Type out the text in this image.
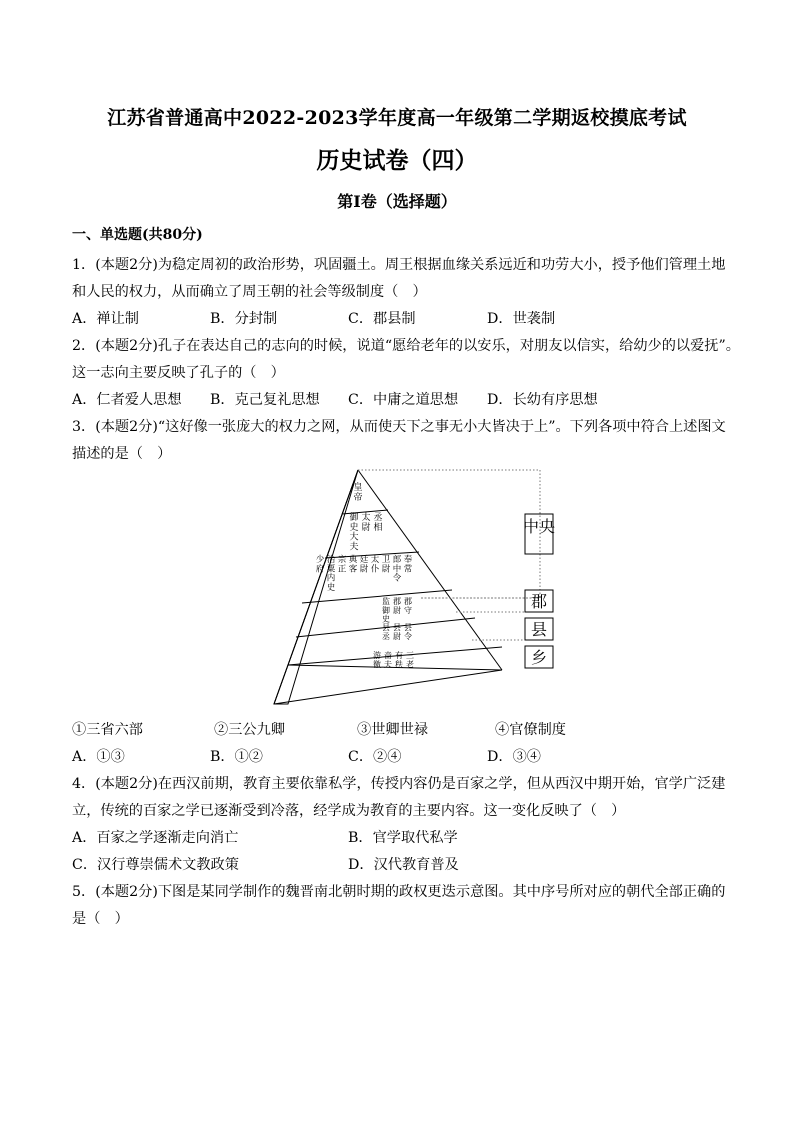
江苏省普通高中2022-2023学年度高一年级第二学期返校摸底考试
历史试卷（四）
第Ⅰ卷（选择题）
一、单选题(共80分)
1．(本题2分)为稳定周初的政治形势，巩固疆土。周王根据血缘关系远近和功劳大小，授予他们管理土地
和人民的权力，从而确立了周王朝的社会等级制度（　）
A．禅让制	B．分封制	C．郡县制	D．世袭制
2．(本题2分)孔子在表达自己的志向的时候，说道“愿给老年的以安乐，对朋友以信实，给幼少的以爱抚”。
这一志向主要反映了孔子的（　）
A．仁者爱人思想 B．克己复礼思想 C．中庸之道思想 D．长幼有序思想
3．(本题2分)“这好像一张庞大的权力之网，从而使天下之事无小大皆决于上”。下列各项中符合上述图文
描述的是（　）
中央
郡
县
乡
皇帝
丞相
太尉
御史大夫
奉常
郎中令
卫尉
太仆
廷尉
典客
宗正
治粟内史
少府
郡守
郡尉
监御史
县令
县尉
县丞
三老
有秩
啬夫
游徼
①三省六部	②三公九卿	③世卿世禄	④官僚制度
A．①③	B．①②	C．②④	D．③④
4．(本题2分)在西汉前期，教育主要依靠私学，传授内容仍是百家之学，但从西汉中期开始，官学广泛建
立，传统的百家之学已逐渐受到冷落，经学成为教育的主要内容。这一变化反映了（　）
A．百家之学逐渐走向消亡	B．官学取代私学
C．汉行尊崇儒术文教政策	D．汉代教育普及
5．(本题2分)下图是某同学制作的魏晋南北朝时期的政权更迭示意图。其中序号所对应的朝代全部正确的
是（　）
